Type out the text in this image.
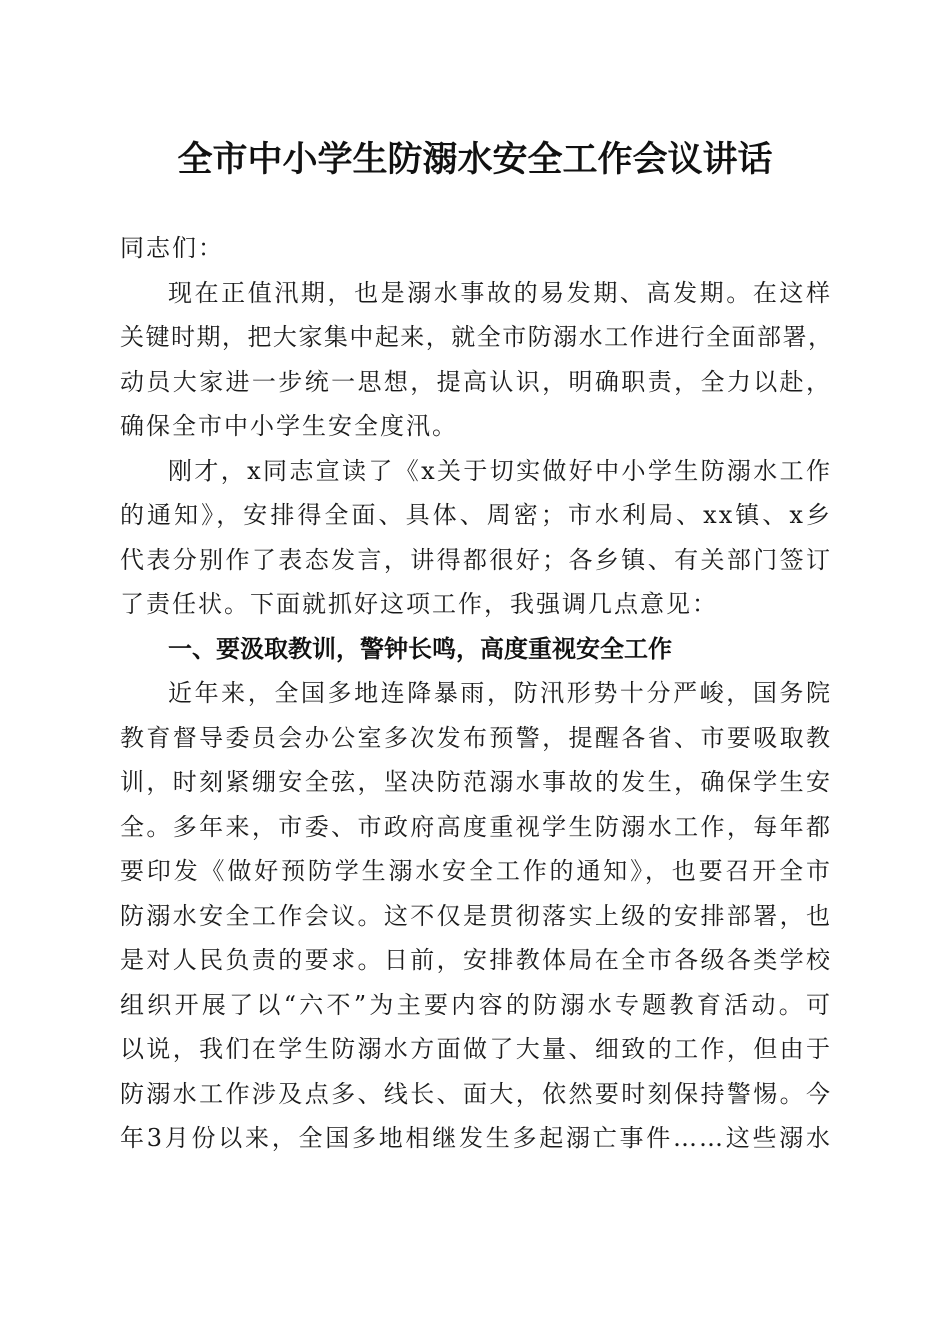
全市中小学生防溺水安全工作会议讲话
同志们：
现在正值汛期，也是溺水事故的易发期、高发期。在这样
关键时期，把大家集中起来，就全市防溺水工作进行全面部署，
动员大家进一步统一思想，提高认识，明确职责，全力以赴，
确保全市中小学生安全度汛。
刚才，x同志宣读了《x关于切实做好中小学生防溺水工作
的通知》，安排得全面、具体、周密；市水利局、xx镇、x乡
代表分别作了表态发言，讲得都很好；各乡镇、有关部门签订
了责任状。下面就抓好这项工作，我强调几点意见：
一、要汲取教训，警钟长鸣，高度重视安全工作
近年来，全国多地连降暴雨，防汛形势十分严峻，国务院
教育督导委员会办公室多次发布预警，提醒各省、市要吸取教
训，时刻紧绷安全弦，坚决防范溺水事故的发生，确保学生安
全。多年来，市委、市政府高度重视学生防溺水工作，每年都
要印发《做好预防学生溺水安全工作的通知》，也要召开全市
防溺水安全工作会议。这不仅是贯彻落实上级的安排部署，也
是对人民负责的要求。日前，安排教体局在全市各级各类学校
组织开展了以“六不”为主要内容的防溺水专题教育活动。可
以说，我们在学生防溺水方面做了大量、细致的工作，但由于
防溺水工作涉及点多、线长、面大，依然要时刻保持警惕。今
年3月份以来，全国多地相继发生多起溺亡事件……这些溺水
